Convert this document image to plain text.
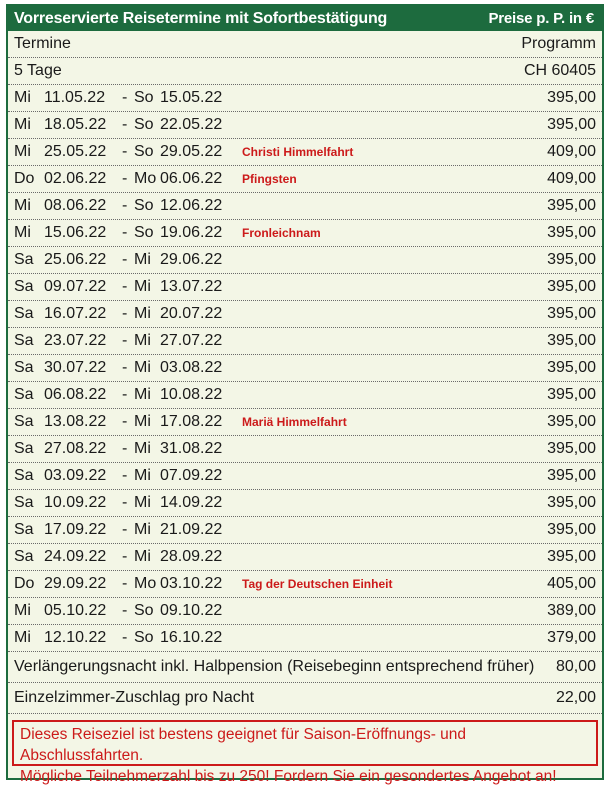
Vorreservierte Reisetermine mit Sofortbestätigung	Preise p. P. in €
Termine	Programm
5 Tage	CH 60405
Mi 11.05.22	- So 15.05.22	395,00
Mi 18.05.22 - So 22.05.22	395,00
Mi 25.05.22 - So 29.05.22	Christi Himmelfahrt	409,00
Do 02.06.22 - Mo 06.06.22	Pfingsten	409,00
Mi 08.06.22 - So 12.06.22	395,00
Mi 15.06.22 - So 19.06.22	Fronleichnam	395,00
Sa 25.06.22 - Mi 29.06.22	395,00
Sa 09.07.22 - Mi 13.07.22	395,00
Sa 16.07.22 - Mi 20.07.22	395,00
Sa 23.07.22 - Mi 27.07.22	395,00
Sa 30.07.22 - Mi 03.08.22	395,00
Sa 06.08.22 - Mi 10.08.22	395,00
Sa 13.08.22 - Mi 17.08.22	Mariä Himmelfahrt	395,00
Sa 27.08.22 - Mi 31.08.22	395,00
Sa 03.09.22 - Mi 07.09.22	395,00
Sa 10.09.22 - Mi 14.09.22	395,00
Sa 17.09.22 - Mi 21.09.22	395,00
Sa 24.09.22 - Mi 28.09.22	395,00
Do 29.09.22 - Mo 03.10.22	Tag der Deutschen Einheit	405,00
Mi 05.10.22 - So 09.10.22	389,00
Mi 12.10.22 - So 16.10.22	379,00
Verlängerungsnacht inkl. Halbpension (Reisebeginn entsprechend früher) 80,00
Einzelzimmer-Zuschlag pro Nacht	22,00
Dieses Reiseziel ist bestens geeignet für Saison-Eröffnungs- und Abschlussfahrten.
Mögliche Teilnehmerzahl bis zu 250! Fordern Sie ein gesondertes Angebot an!
